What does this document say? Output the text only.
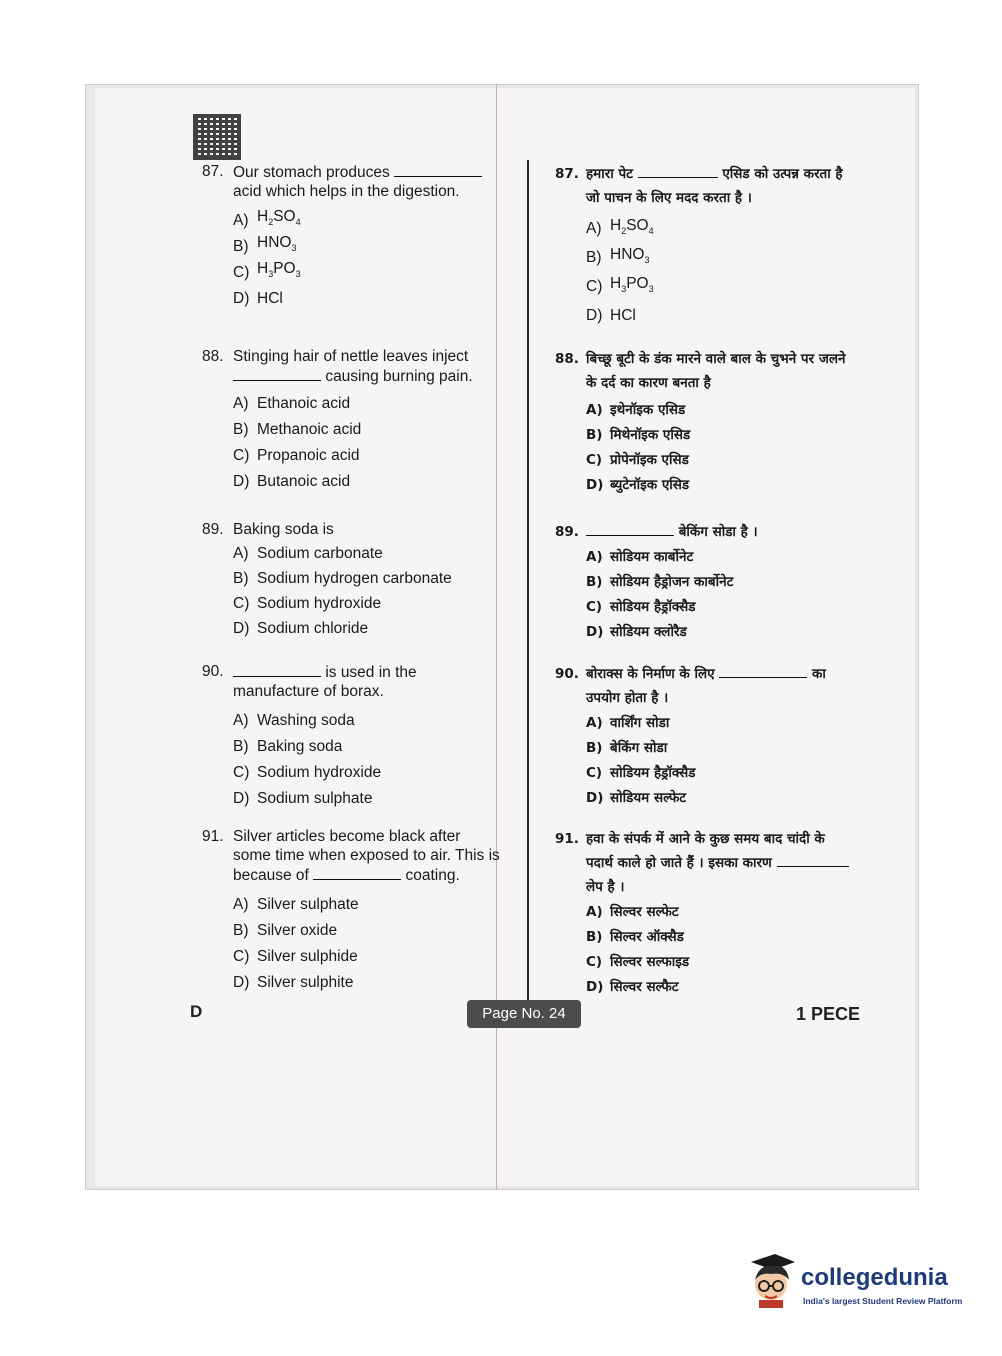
87. Our stomach produces  acid which helps in the digestion.
A) $H_2SO_4$
B) $HNO_3$
C) $H_3PO_3$
D) HCl
88. Stinging hair of nettle leaves inject  causing burning pain.
A) Ethanoic acid
B) Methanoic acid
C) Propanoic acid
D) Butanoic acid
89. Baking soda is
A) Sodium carbonate
B) Sodium hydrogen carbonate
C) Sodium hydroxide
D) Sodium chloride
90.	is used in the manufacture of borax.
A) Washing soda
B) Baking soda
C) Sodium hydroxide
D) Sodium sulphate
91. Silver articles become black after some time when exposed to air. This is because of	coating.
A) Silver sulphate
B) Silver oxide
C) Silver sulphide
D) Silver sulphite
87. हमारा पेट	एसिड को उत्पन्न करता है जो पाचन के लिए मदद करता है ।
A) $H_2SO_4$
B) $HNO_3$
C) $H_3PO_3$
D) HCl
88. बिच्छू बूटी के डंक मारने वाले बाल के चुभने पर जलने के दर्द का कारण बनता है
A) इथेनॉइक एसिड
B) मिथेनॉइक एसिड
C) प्रोपेनॉइक एसिड
D) ब्युटेनॉइक एसिड
89.	बेकिंग सोडा है ।
A) सोडियम कार्बोनेट
B) सोडियम हैड्रोजन कार्बोनेट
C) सोडियम हैड्रॉक्सैड
D) सोडियम क्लोरैड
90. बोराक्स के निर्माण के लिए	का उपयोग होता है ।
A) वार्शिंग सोडा
B) बेकिंग सोडा
C) सोडियम हैड्रॉक्सैड
D) सोडियम सल्फेट
91. हवा के संपर्क में आने के कुछ समय बाद चांदी के पदार्थ काले हो जाते हैं । इसका कारण  लेप है ।
A) सिल्वर सल्फेट
B) सिल्वर ऑक्सैड
C) सिल्वर सल्फाइड
D) सिल्वर सल्फैट
D	Page No. 24	1 PECE
collegedunia
India's largest Student Review Platform
